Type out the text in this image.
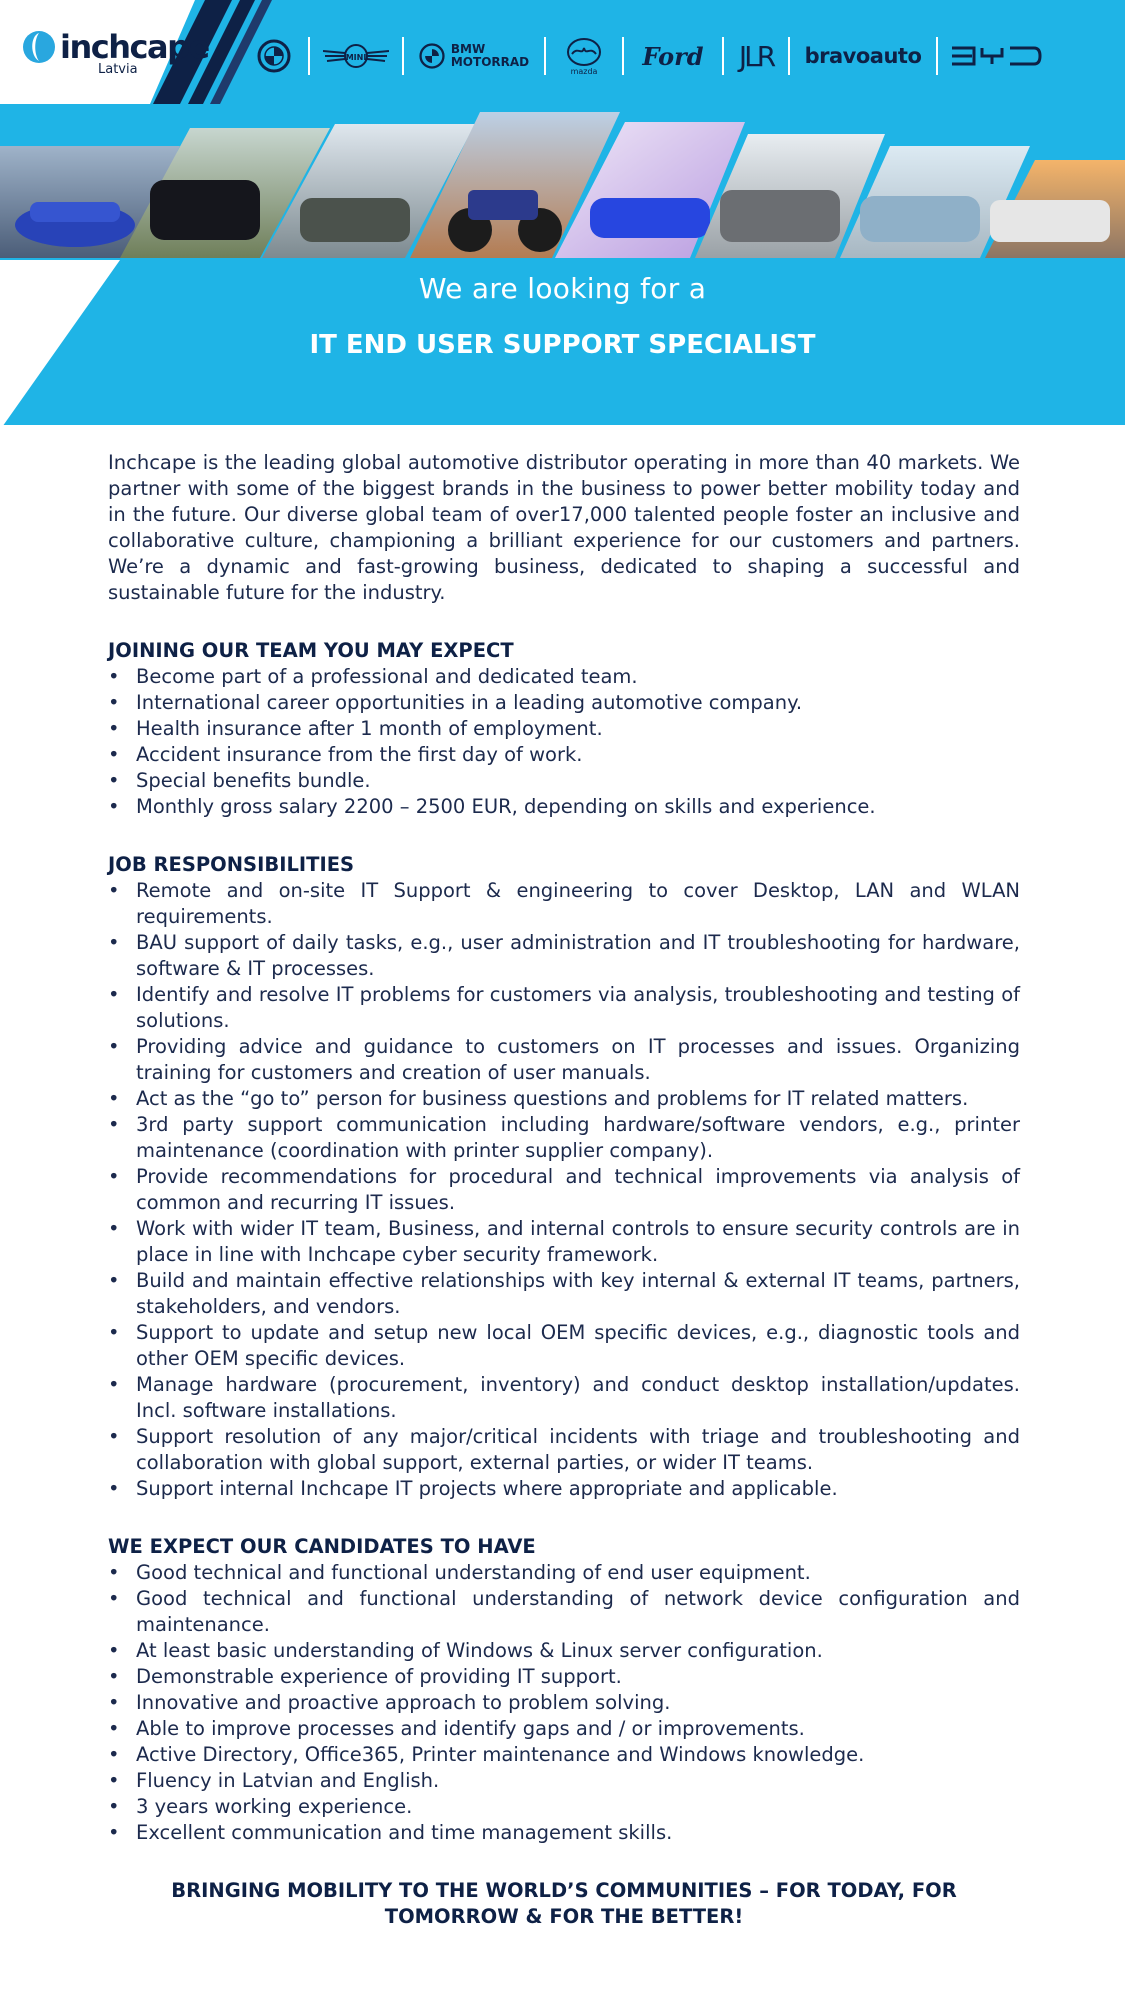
inchcape
Latvia
MINI
BMW
MOTORRAD
mazda
Ford JLR bravoauto
We are looking for a
IT END USER SUPPORT SPECIALIST

Inchcape is the leading global automotive distributor operating in more than 40 markets. We partner with some of the biggest brands in the business to power better mobility today and in the future. Our diverse global team of over17,000 talented people foster an inclusive and collaborative culture, championing a brilliant experience for our customers and partners. We’re a dynamic and fast-growing business, dedicated to shaping a successful and sustainable future for the industry.

JOINING OUR TEAM YOU MAY EXPECT
• Become part of a professional and dedicated team.
• International career opportunities in a leading automotive company.
• Health insurance after 1 month of employment.
• Accident insurance from the first day of work.
• Special benefits bundle.
• Monthly gross salary 2200 – 2500 EUR, depending on skills and experience.
JOB RESPONSIBILITIES
• Remote and on-site IT Support & engineering to cover Desktop, LAN and WLAN requirements.
• BAU support of daily tasks, e.g., user administration and IT troubleshooting for hardware, software & IT processes.
• Identify and resolve IT problems for customers via analysis, troubleshooting and testing of solutions.
• Providing advice and guidance to customers on IT processes and issues. Organizing training for customers and creation of user manuals.
• Act as the “go to” person for business questions and problems for IT related matters.
• 3rd party support communication including hardware/software vendors, e.g., printer maintenance (coordination with printer supplier company).
• Provide recommendations for procedural and technical improvements via analysis of common and recurring IT issues.
• Work with wider IT team, Business, and internal controls to ensure security controls are in place in line with Inchcape cyber security framework.
• Build and maintain effective relationships with key internal & external IT teams, partners, stakeholders, and vendors.
• Support to update and setup new local OEM specific devices, e.g., diagnostic tools and other OEM specific devices.
• Manage hardware (procurement, inventory) and conduct desktop installation/updates. Incl. software installations.
• Support resolution of any major/critical incidents with triage and troubleshooting and collaboration with global support, external parties, or wider IT teams.
• Support internal Inchcape IT projects where appropriate and applicable.
WE EXPECT OUR CANDIDATES TO HAVE
• Good technical and functional understanding of end user equipment.
• Good technical and functional understanding of network device configuration and maintenance.
• At least basic understanding of Windows & Linux server configuration.
• Demonstrable experience of providing IT support.
• Innovative and proactive approach to problem solving.
• Able to improve processes and identify gaps and / or improvements.
• Active Directory, Office365, Printer maintenance and Windows knowledge.
• Fluency in Latvian and English.
• 3 years working experience.
• Excellent communication and time management skills.
BRINGING MOBILITY TO THE WORLD’S COMMUNITIES – FOR TODAY, FOR TOMORROW & FOR THE BETTER!
